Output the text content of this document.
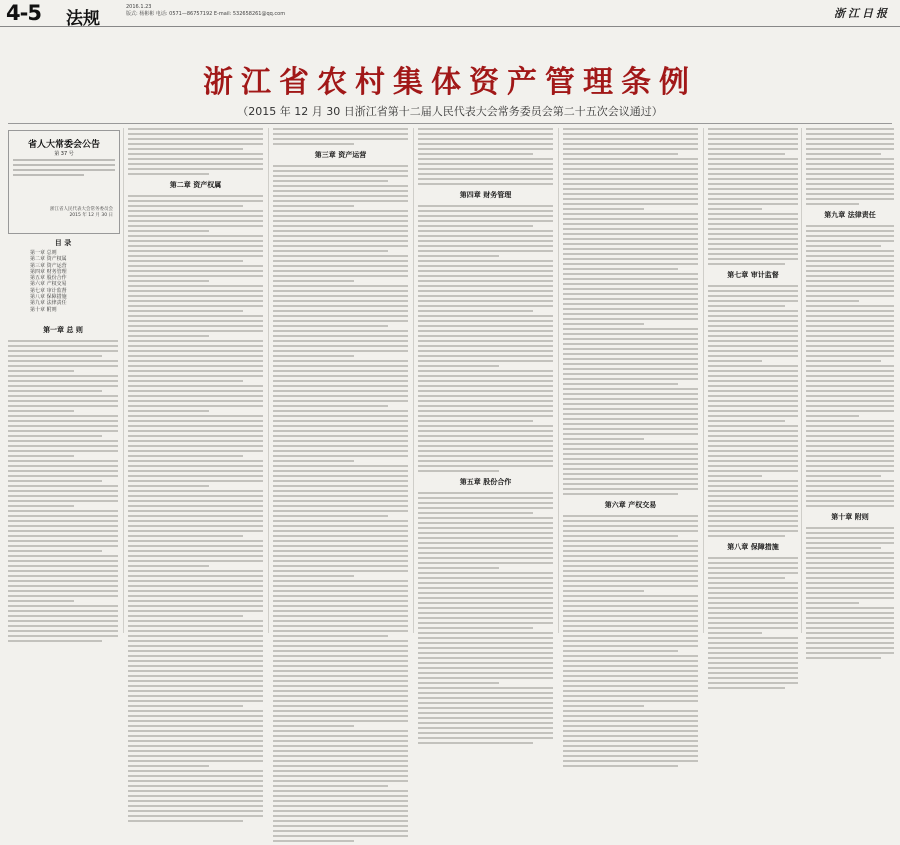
4-5 法规
2016.1.23
版式: 杨彬彬 电话: 0571—86757192 E-mail: 532658261@qq.com	浙江日报
浙江省农村集体资产管理条例
（2015 年 12 月 30 日浙江省第十二届人民代表大会常务委员会第二十五次会议通过）
省人大常委会公告
第 37 号
浙江省人民代表大会常务委员会
2015 年 12 月 30 日
目 录
第一章 总则
第二章 资产权属
第三章 资产运营
第四章 财务管理
第五章 股份合作
第六章 产权交易
第七章 审计监督
第八章 保障措施
第九章 法律责任
第十章 附则
第一章 总 则
第二章 资产权属
第三章 资产运营
第四章 财务管理
第五章 股份合作
第六章 产权交易
第七章 审计监督
第八章 保障措施
第九章 法律责任
第十章 附则
